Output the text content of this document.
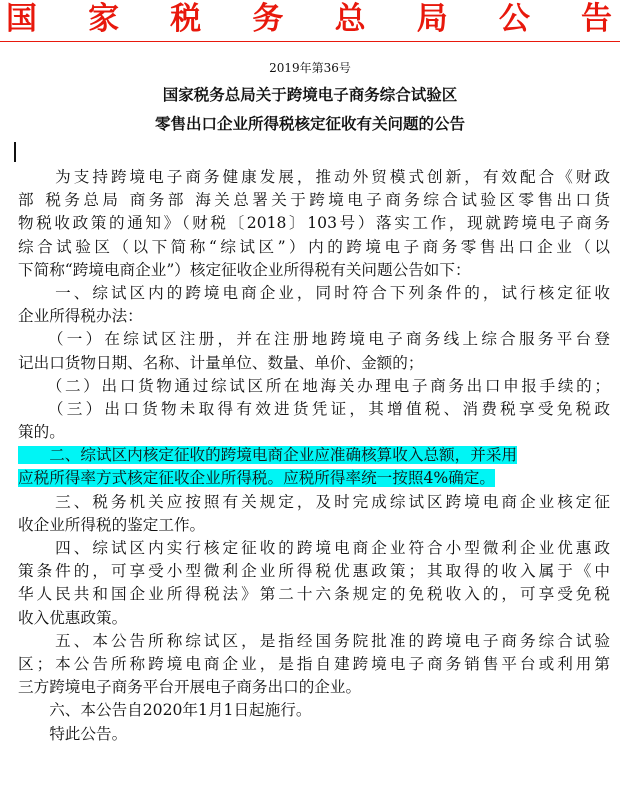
国 家 税 务 总 局 公 告
2019年第36号
国家税务总局关于跨境电子商务综合试验区
零售出口企业所得税核定征收有关问题的公告
　　为支持跨境电子商务健康发展，推动外贸模式创新，有效配合《财政
部 税务总局 商务部 海关总署关于跨境电子商务综合试验区零售出口货
物税收政策的通知》（财税〔2018〕103号）落实工作，现就跨境电子商务
综合试验区（以下简称“综试区”）内的跨境电子商务零售出口企业（以
下简称“跨境电商企业”）核定征收企业所得税有关问题公告如下：
　　一、综试区内的跨境电商企业，同时符合下列条件的，试行核定征收
企业所得税办法：
　　（一）在综试区注册，并在注册地跨境电子商务线上综合服务平台登
记出口货物日期、名称、计量单位、数量、单价、金额的；
　　（二）出口货物通过综试区所在地海关办理电子商务出口申报手续的；
　　（三）出口货物未取得有效进货凭证，其增值税、消费税享受免税政
策的。
　　二、综试区内核定征收的跨境电商企业应准确核算收入总额，并采用
应税所得率方式核定征收企业所得税。应税所得率统一按照4%确定。
　　三、税务机关应按照有关规定，及时完成综试区跨境电商企业核定征
收企业所得税的鉴定工作。
　　四、综试区内实行核定征收的跨境电商企业符合小型微利企业优惠政
策条件的，可享受小型微利企业所得税优惠政策；其取得的收入属于《中
华人民共和国企业所得税法》第二十六条规定的免税收入的，可享受免税
收入优惠政策。
　　五、本公告所称综试区，是指经国务院批准的跨境电子商务综合试验
区；本公告所称跨境电商企业，是指自建跨境电子商务销售平台或利用第
三方跨境电子商务平台开展电子商务出口的企业。
　　六、本公告自2020年1月1日起施行。
　　特此公告。
